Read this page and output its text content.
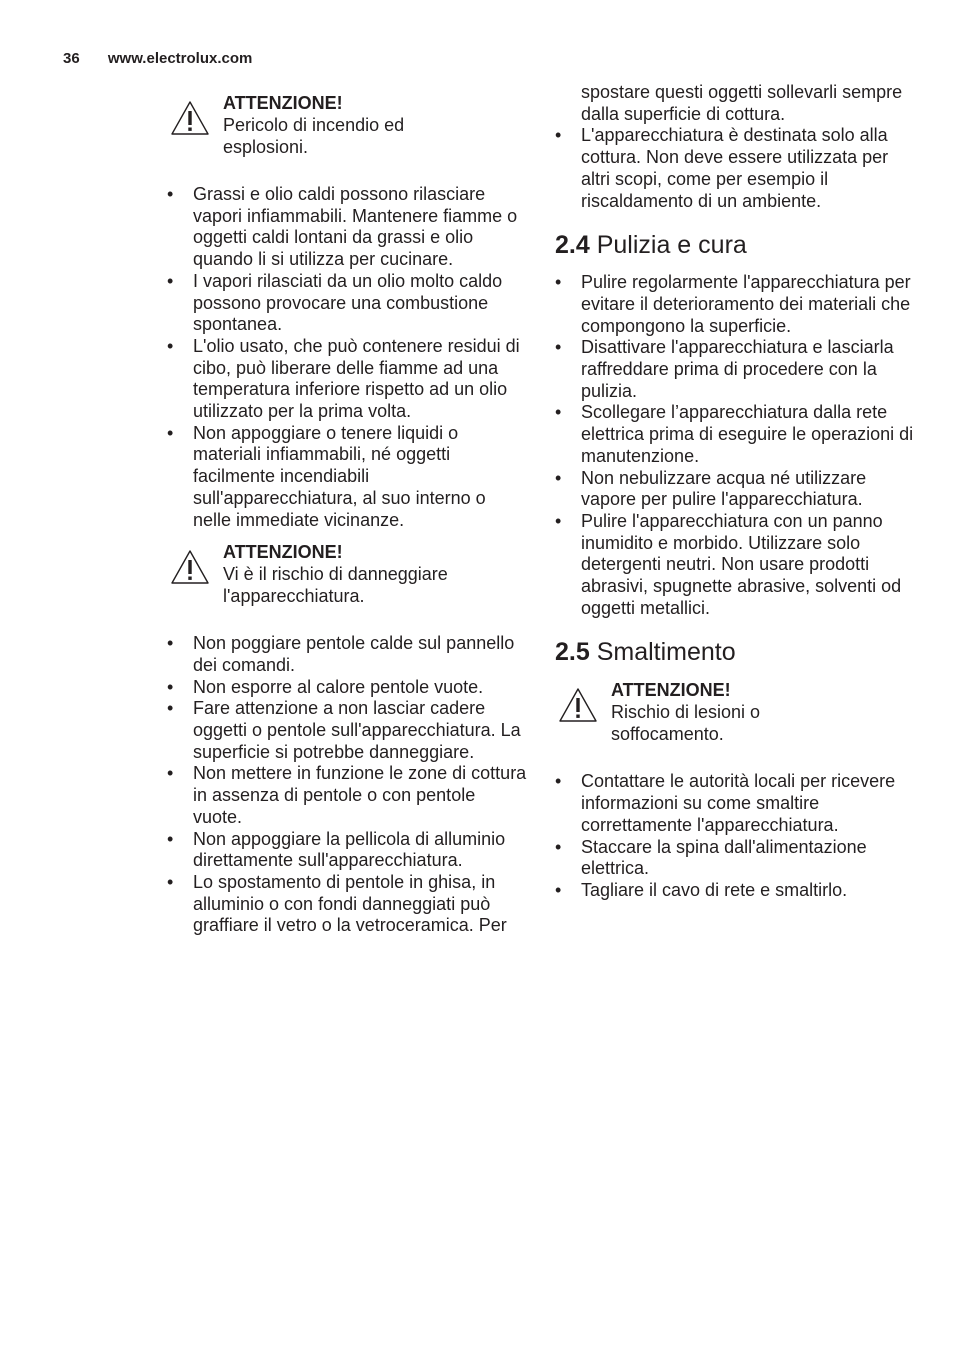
36 www.electrolux.com
ATTENZIONE!
Pericolo di incendio ed
esplosioni.
• Grassi e olio caldi possono rilasciare vapori infiammabili. Mantenere fiamme o oggetti caldi lontani da grassi e olio quando li si utilizza per cucinare.
• I vapori rilasciati da un olio molto caldo possono provocare una combustione spontanea.
• L'olio usato, che può contenere residui di cibo, può liberare delle fiamme ad una temperatura inferiore rispetto ad un olio utilizzato per la prima volta.
• Non appoggiare o tenere liquidi o materiali infiammabili, né oggetti facilmente incendiabili sull'apparecchiatura, al suo interno o nelle immediate vicinanze.
ATTENZIONE!
Vi è il rischio di danneggiare
l'apparecchiatura.
• Non poggiare pentole calde sul pannello dei comandi.
• Non esporre al calore pentole vuote.
• Fare attenzione a non lasciar cadere oggetti o pentole sull'apparecchiatura. La superficie si potrebbe danneggiare.
• Non mettere in funzione le zone di cottura in assenza di pentole o con pentole vuote.
• Non appoggiare la pellicola di alluminio direttamente sull'apparecchiatura.
• Lo spostamento di pentole in ghisa, in alluminio o con fondi danneggiati può graffiare il vetro o la vetroceramica. Per
spostare questi oggetti sollevarli sempre dalla superficie di cottura.
• L'apparecchiatura è destinata solo alla cottura. Non deve essere utilizzata per altri scopi, come per esempio il riscaldamento di un ambiente.
2.4 Pulizia e cura
• Pulire regolarmente l'apparecchiatura per evitare il deterioramento dei materiali che compongono la superficie.
• Disattivare l'apparecchiatura e lasciarla raffreddare prima di procedere con la pulizia.
• Scollegare l’apparecchiatura dalla rete elettrica prima di eseguire le operazioni di manutenzione.
• Non nebulizzare acqua né utilizzare vapore per pulire l'apparecchiatura.
• Pulire l'apparecchiatura con un panno inumidito e morbido. Utilizzare solo detergenti neutri. Non usare prodotti abrasivi, spugnette abrasive, solventi od oggetti metallici.
2.5 Smaltimento
ATTENZIONE!
Rischio di lesioni o
soffocamento.
• Contattare le autorità locali per ricevere informazioni su come smaltire correttamente l'apparecchiatura.
• Staccare la spina dall'alimentazione elettrica.
• Tagliare il cavo di rete e smaltirlo.
